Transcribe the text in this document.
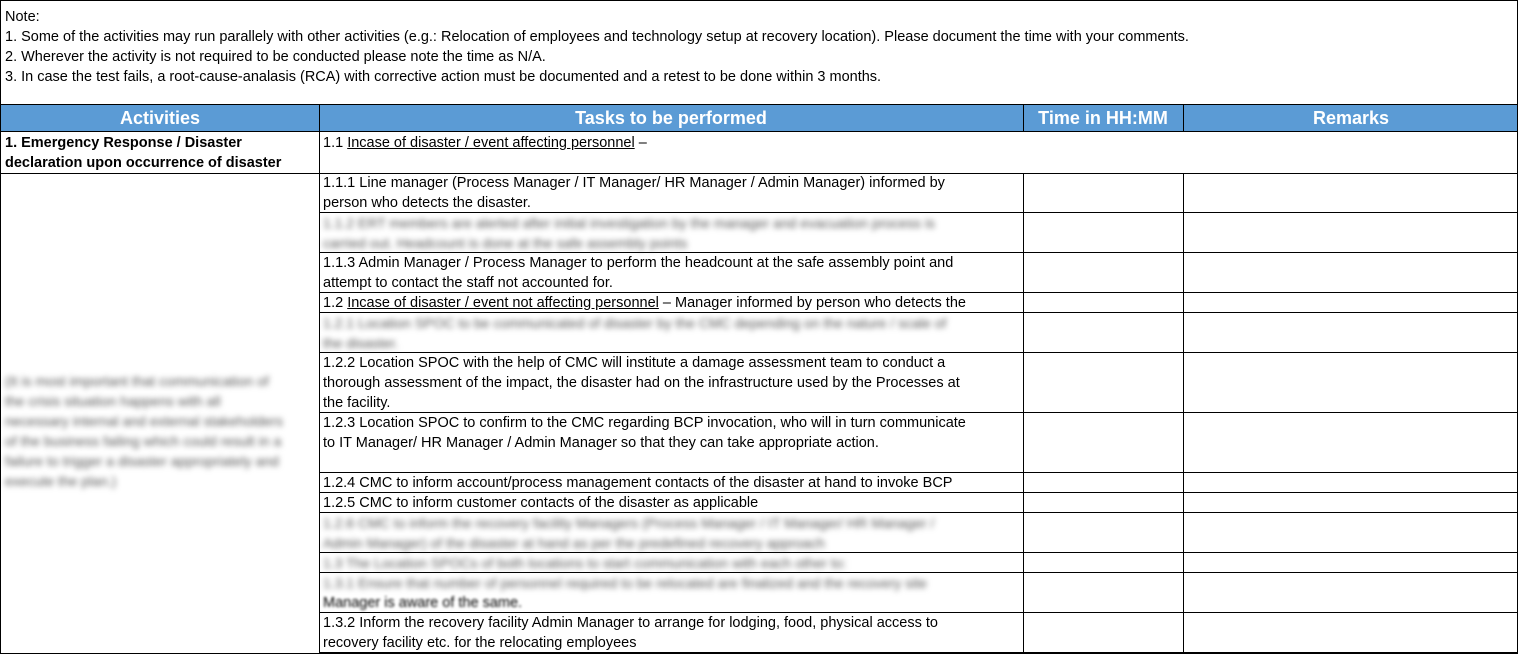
Note:
1. Some of the activities may run parallely with other activities (e.g.: Relocation of employees and technology setup at recovery location). Please document the time with your comments.
2. Wherever the activity is not required to be conducted please note the time as N/A.
3. In case the test fails, a root-cause-analasis (RCA) with corrective action must be documented and a retest to be done within 3 months.
Activities	Tasks to be performed	Time in HH:MM	Remarks
1. Emergency Response / Disaster
declaration upon occurrence of disaster
(It is most important that communication of
the crisis situation happens with all
necessary internal and external stakeholders
of the business failing which could result in a
failure to trigger a disaster appropriately and
execute the plan.)
1.1 Incase of disaster / event affecting personnel –
1.1.1 Line manager (Process Manager / IT Manager/ HR Manager / Admin Manager) informed by
person who detects the disaster.
1.1.2 ERT members are alerted after initial investigation by the manager and evacuation process is
carried out. Headcount is done at the safe assembly points
1.1.3 Admin Manager / Process Manager to perform the headcount at the safe assembly point and
attempt to contact the staff not accounted for.
1.2 Incase of disaster / event not affecting personnel – Manager informed by person who detects the
1.2.1 Location SPOC to be communicated of disaster by the CMC depending on the nature / scale of
the disaster.
1.2.2 Location SPOC with the help of CMC will institute a damage assessment team to conduct a
thorough assessment of the impact, the disaster had on the infrastructure used by the Processes at
the facility.
1.2.3 Location SPOC to confirm to the CMC regarding BCP invocation, who will in turn communicate
to IT Manager/ HR Manager / Admin Manager so that they can take appropriate action.
1.2.4 CMC to inform account/process management contacts of the disaster at hand to invoke BCP
1.2.5 CMC to inform customer contacts of the disaster as applicable
1.2.6 CMC to inform the recovery facility Managers (Process Manager / IT Manager/ HR Manager /
Admin Manager) of the disaster at hand as per the predefined recovery approach
1.3 The Location SPOCs of both locations to start communication with each other to:
1.3.1 Ensure that number of personnel required to be relocated are finalized and the recovery site
Manager is aware of the same.
1.3.2 Inform the recovery facility Admin Manager to arrange for lodging, food, physical access to
recovery facility etc. for the relocating employees
